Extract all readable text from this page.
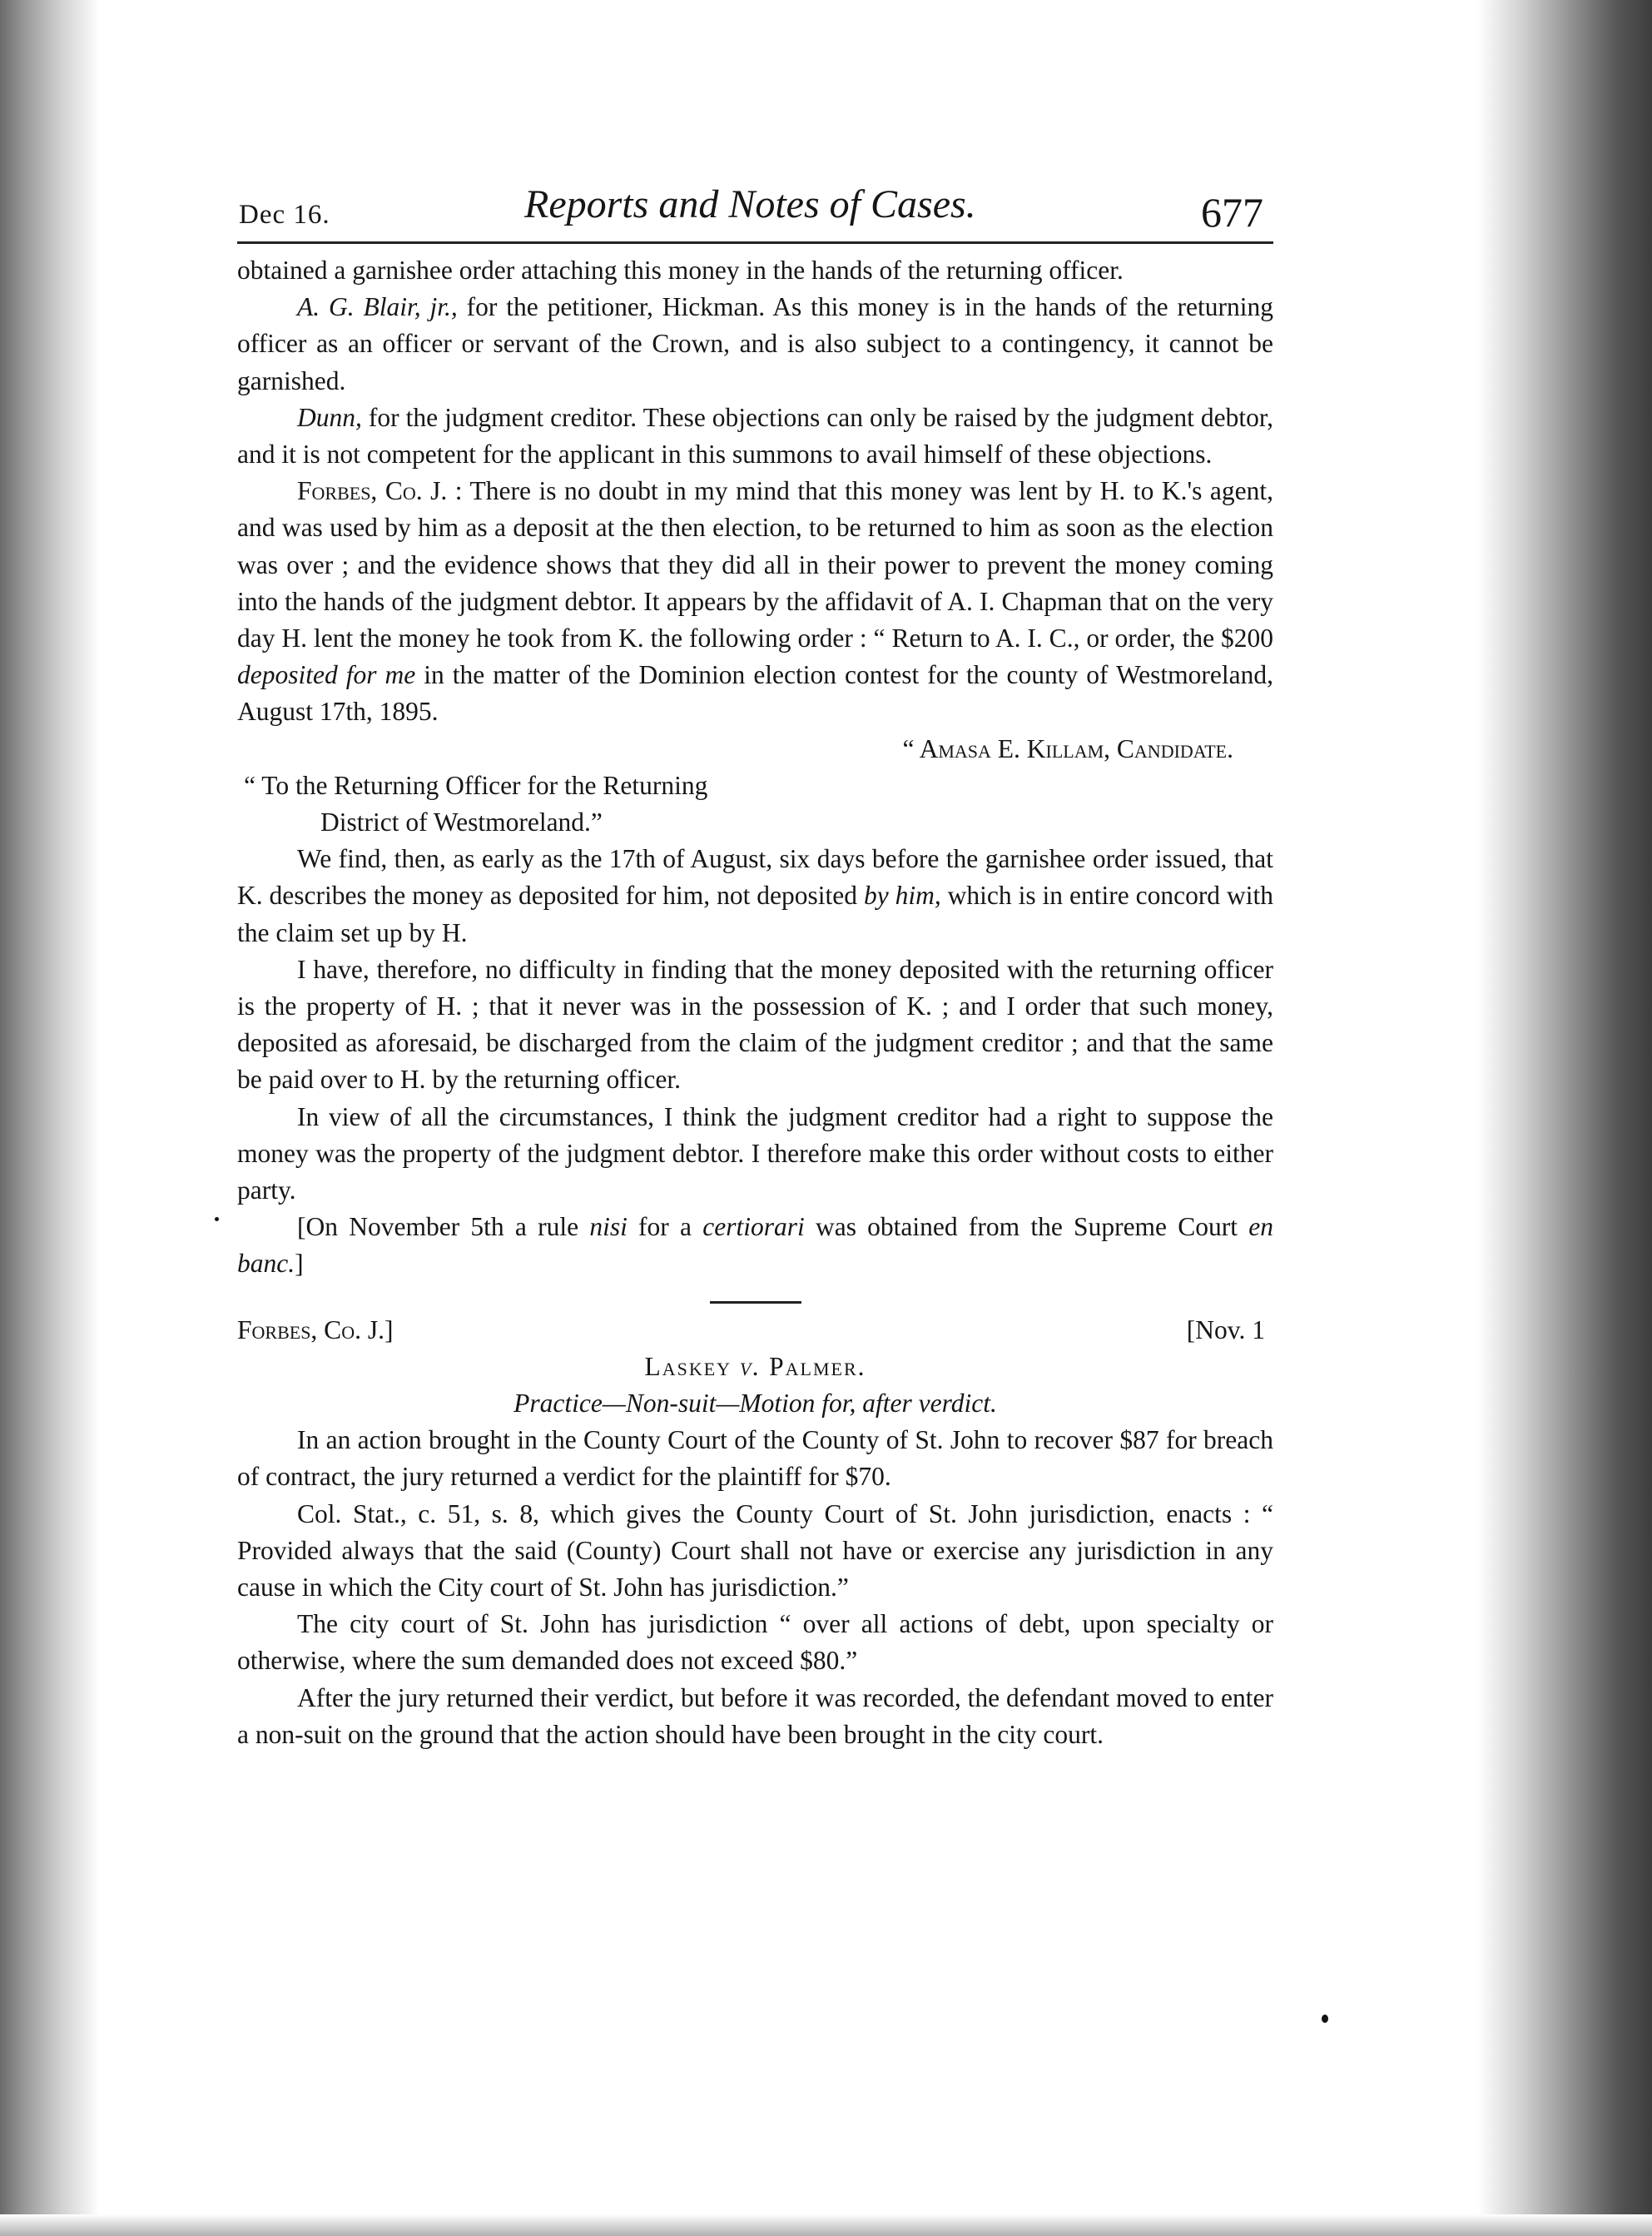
Dec 16.	Reports and Notes of Cases.	677

obtained a garnishee order attaching this money in the hands of the returning officer.

A. G. Blair, jr., for the petitioner, Hickman. As this money is in the hands of the returning officer as an officer or servant of the Crown, and is also subject to a contingency, it cannot be garnished.

Dunn, for the judgment creditor. These objections can only be raised by the judgment debtor, and it is not competent for the applicant in this summons to avail himself of these objections.

Forbes, Co. J. : There is no doubt in my mind that this money was lent by H. to K.'s agent, and was used by him as a deposit at the then election, to be returned to him as soon as the election was over ; and the evidence shows that they did all in their power to prevent the money coming into the hands of the judgment debtor. It appears by the affidavit of A. I. Chapman that on the very day H. lent the money he took from K. the following order : “ Return to A. I. C., or order, the $200 deposited for me in the matter of the Dominion election contest for the county of Westmoreland, August 17th, 1895.

“ Amasa E. Killam, Candidate.

“ To the Returning Officer for the Returning

District of Westmoreland.”

We find, then, as early as the 17th of August, six days before the garnishee order issued, that K. describes the money as deposited for him, not deposited by him, which is in entire concord with the claim set up by H.

I have, therefore, no difficulty in finding that the money deposited with the returning officer is the property of H. ; that it never was in the possession of K. ; and I order that such money, deposited as aforesaid, be discharged from the claim of the judgment creditor ; and that the same be paid over to H. by the returning officer.

In view of all the circumstances, I think the judgment creditor had a right to suppose the money was the property of the judgment debtor. I therefore make this order without costs to either party.

[On November 5th a rule nisi for a certiorari was obtained from the Supreme Court en banc.]

Forbes, Co. J.]	[Nov. 1

Laskey v. Palmer.

Practice—Non-suit—Motion for, after verdict.

In an action brought in the County Court of the County of St. John to recover $87 for breach of contract, the jury returned a verdict for the plaintiff for $70.

Col. Stat., c. 51, s. 8, which gives the County Court of St. John jurisdiction, enacts : “ Provided always that the said (County) Court shall not have or exercise any jurisdiction in any cause in which the City court of St. John has jurisdiction.”

The city court of St. John has jurisdiction “ over all actions of debt, upon specialty or otherwise, where the sum demanded does not exceed $80.”

After the jury returned their verdict, but before it was recorded, the defendant moved to enter a non-suit on the ground that the action should have been brought in the city court.
